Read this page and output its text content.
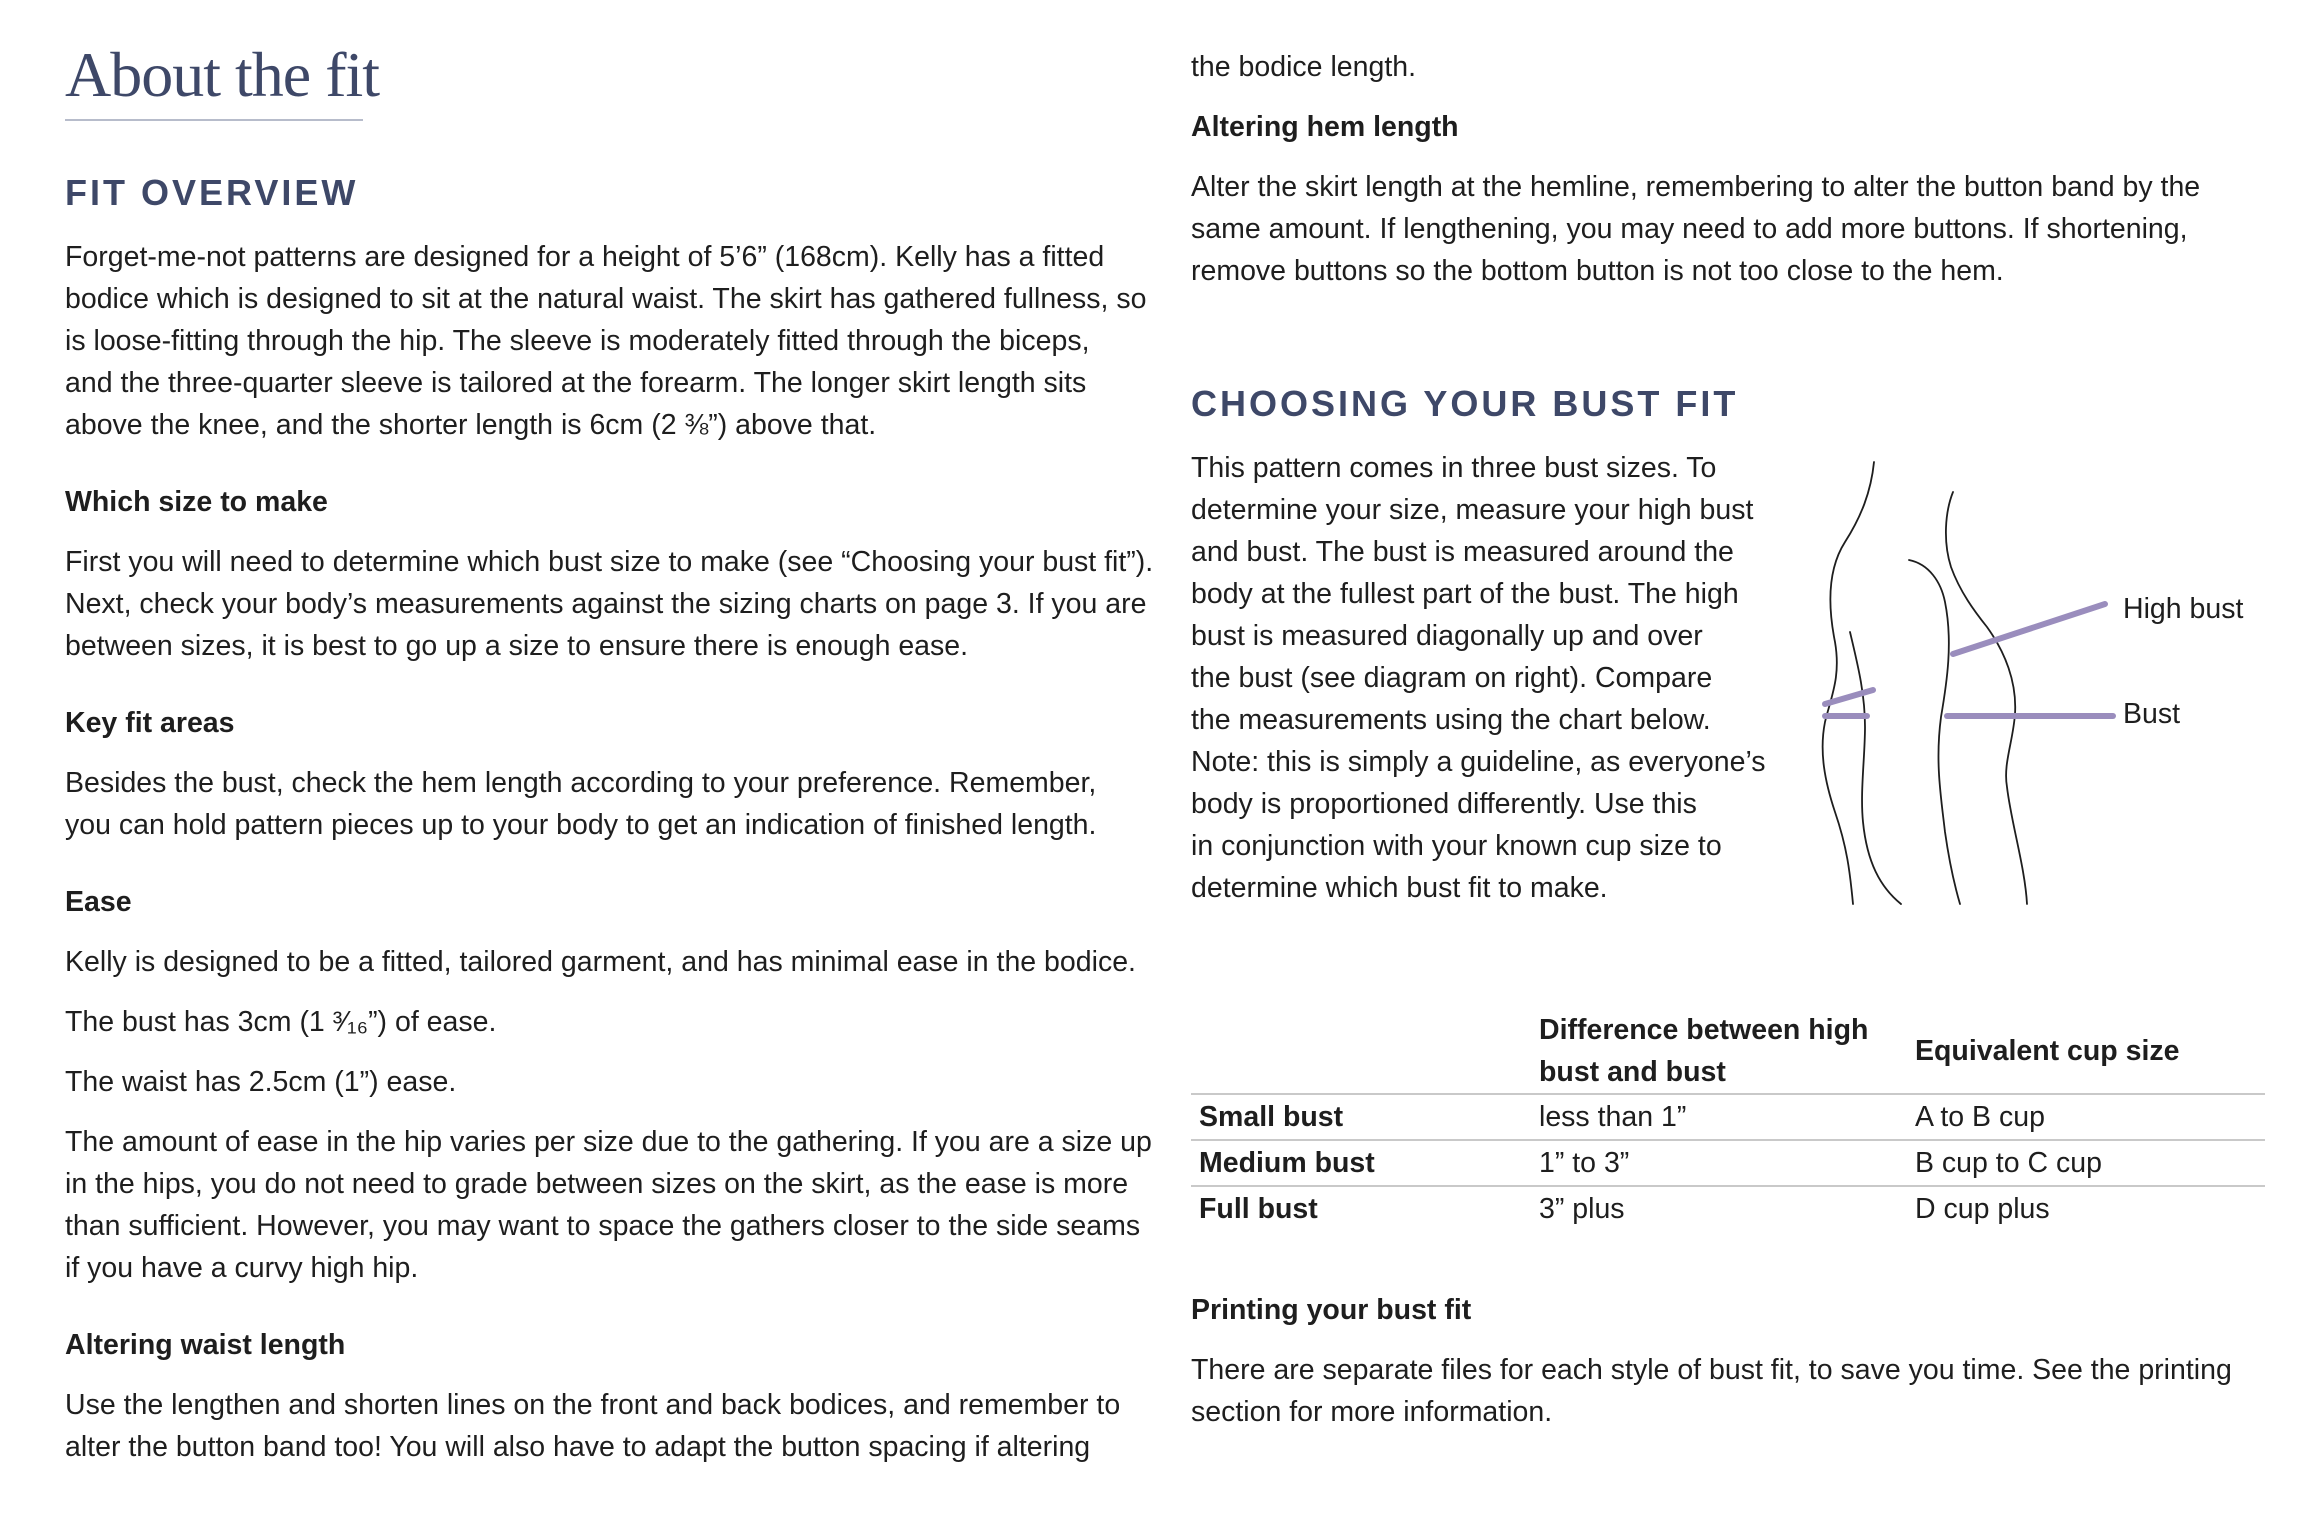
About the fit
FIT OVERVIEW

Forget-me-not patterns are designed for a height of 5’6” (168cm). Kelly has a fitted

bodice which is designed to sit at the natural waist. The skirt has gathered fullness, so

is loose-fitting through the hip. The sleeve is moderately fitted through the biceps,

and the three-quarter sleeve is tailored at the forearm. The longer skirt length sits

above the knee, and the shorter length is 6cm (2 ⅜”) above that.

Which size to make

First you will need to determine which bust size to make (see “Choosing your bust fit”).

Next, check your body’s measurements against the sizing charts on page 3. If you are

between sizes, it is best to go up a size to ensure there is enough ease.

Key fit areas

Besides the bust, check the hem length according to your preference. Remember,

you can hold pattern pieces up to your body to get an indication of finished length.

Ease

Kelly is designed to be a fitted, tailored garment, and has minimal ease in the bodice.

The bust has 3cm (1 ³⁄₁₆”) of ease.

The waist has 2.5cm (1”) ease.

The amount of ease in the hip varies per size due to the gathering. If you are a size up

in the hips, you do not need to grade between sizes on the skirt, as the ease is more

than sufficient. However, you may want to space the gathers closer to the side seams

if you have a curvy high hip.

Altering waist length

Use the lengthen and shorten lines on the front and back bodices, and remember to

alter the button band too! You will also have to adapt the button spacing if altering

the bodice length.

Altering hem length

Alter the skirt length at the hemline, remembering to alter the button band by the

same amount. If lengthening, you may need to add more buttons. If shortening,

remove buttons so the bottom button is not too close to the hem.

CHOOSING YOUR BUST FIT

This pattern comes in three bust sizes. To

determine your size, measure your high bust

and bust. The bust is measured around the

body at the fullest part of the bust. The high

bust is measured diagonally up and over

the bust (see diagram on right). Compare

the measurements using the chart below.

Note: this is simply a guideline, as everyone’s

body is proportioned differently. Use this

in conjunction with your known cup size to

determine which bust fit to make.

High bust
Bust
	Difference between high
bust and bust	Equivalent cup size
Small bust	less than 1”	A to B cup
Medium bust	1” to 3”	B cup to C cup
Full bust	3” plus	D cup plus
Printing your bust fit

There are separate files for each style of bust fit, to save you time. See the printing

section for more information.
